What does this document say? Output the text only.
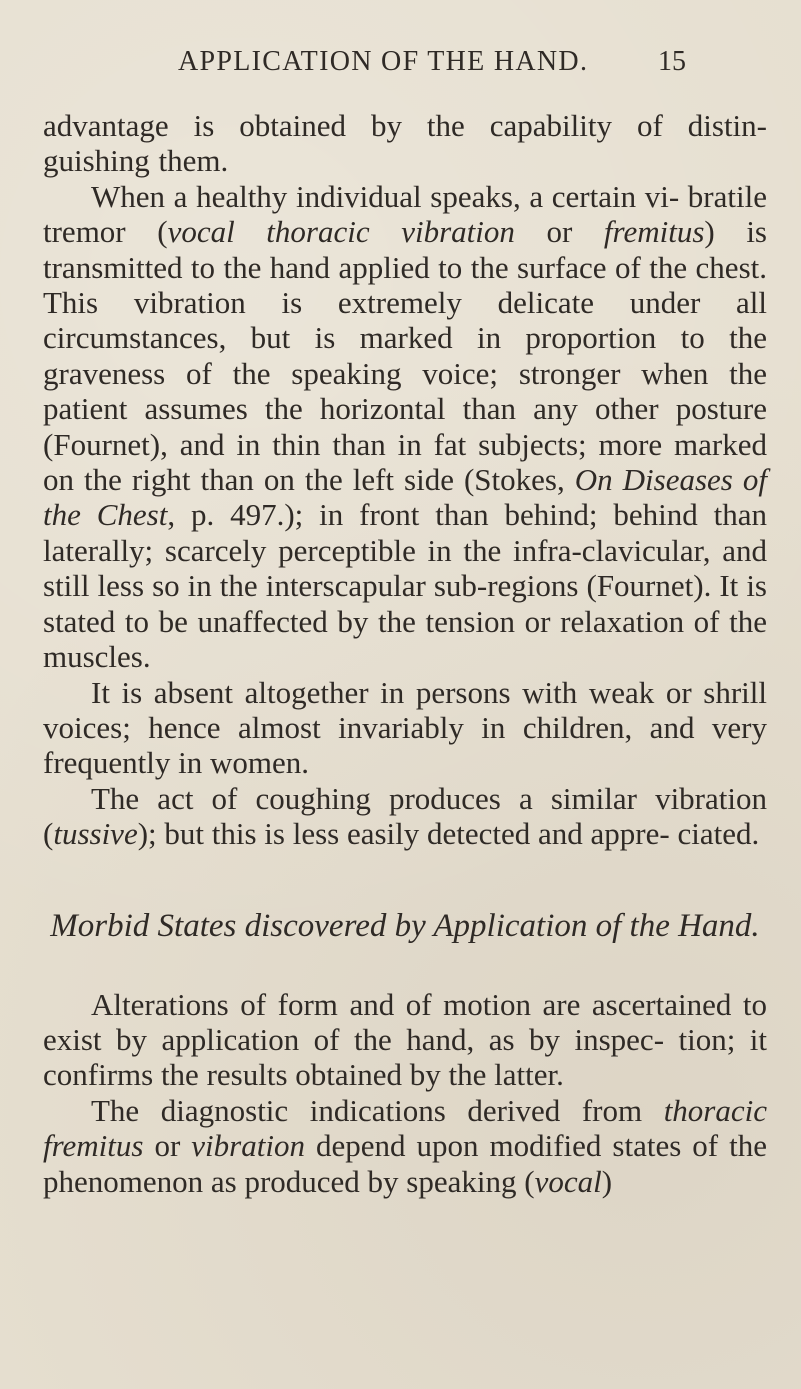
APPLICATION OF THE HAND.	15

advantage is obtained by the capability of distin- guishing them.

When a healthy individual speaks, a certain vi- bratile tremor (vocal thoracic vibration or fremitus) is transmitted to the hand applied to the surface of the chest. This vibration is extremely delicate under all circumstances, but is marked in proportion to the graveness of the speaking voice; stronger when the patient assumes the horizontal than any other posture (Fournet), and in thin than in fat subjects; more marked on the right than on the left side (Stokes, On Diseases of the Chest, p. 497.); in front than behind; behind than laterally; scarcely perceptible in the infra-clavicular, and still less so in the interscapular sub-regions (Fournet). It is stated to be unaffected by the tension or relaxation of the muscles.

It is absent altogether in persons with weak or shrill voices; hence almost invariably in children, and very frequently in women.

The act of coughing produces a similar vibration (tussive); but this is less easily detected and appre- ciated.

Morbid States discovered by Application of the Hand.

Alterations of form and of motion are ascertained to exist by application of the hand, as by inspec- tion; it confirms the results obtained by the latter.

The diagnostic indications derived from thoracic fremitus or vibration depend upon modified states of the phenomenon as produced by speaking (vocal)
